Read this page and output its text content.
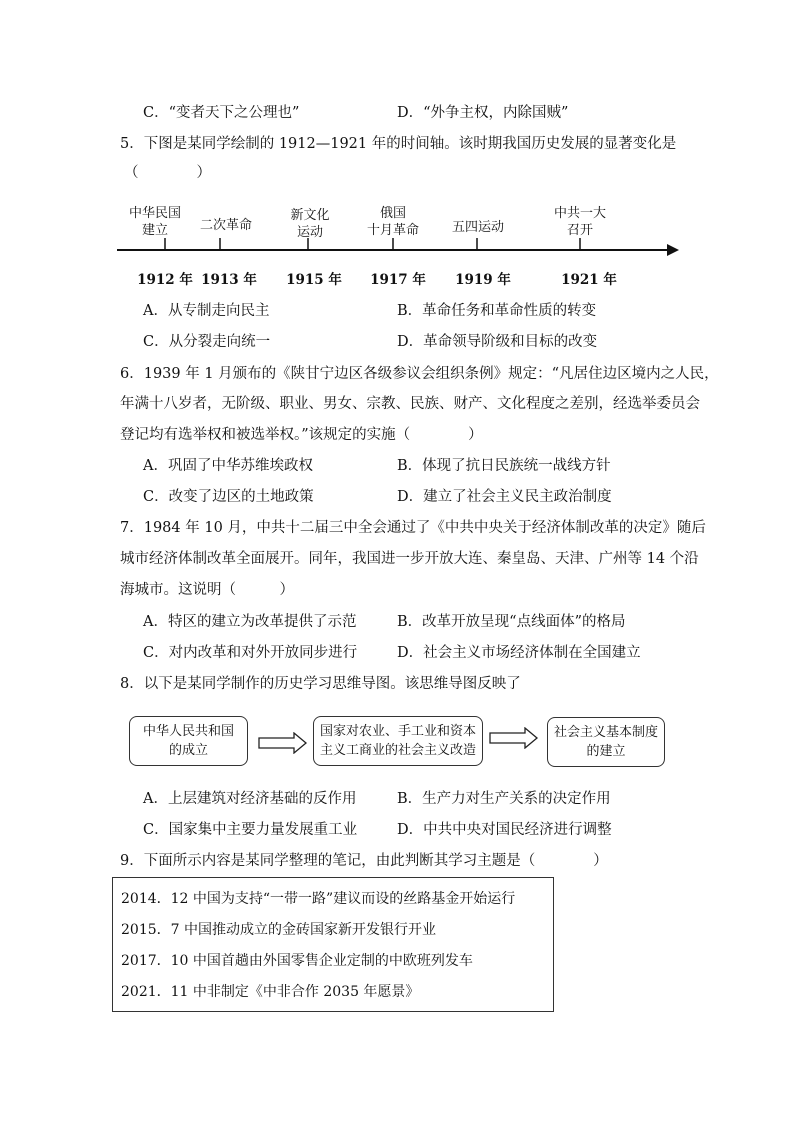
C．“变者天下之公理也”	D．“外争主权，内除国贼”
5．下图是某同学绘制的 1912—1921 年的时间轴。该时期我国历史发展的显著变化是
（　　　　）
中华民国
建立	二次革命
新文化
运动
俄国
十月革命	五四运动
中共一大
召开
1912 年 1913 年	1915 年	1917 年	1919 年	1921 年
A．从专制走向民主	B．革命任务和革命性质的转变
C．从分裂走向统一	D．革命领导阶级和目标的改变
6．1939 年 1 月颁布的《陕甘宁边区各级参议会组织条例》规定：“凡居住边区境内之人民，
年满十八岁者，无阶级、职业、男女、宗教、民族、财产、文化程度之差别，经选举委员会
登记均有选举权和被选举权。”该规定的实施（　　　　）
A．巩固了中华苏维埃政权	B．体现了抗日民族统一战线方针
C．改变了边区的土地政策	D．建立了社会主义民主政治制度
7．1984 年 10 月，中共十二届三中全会通过了《中共中央关于经济体制改革的决定》随后
城市经济体制改革全面展开。同年，我国进一步开放大连、秦皇岛、天津、广州等 14 个沿
海城市。这说明（　　　）
A．特区的建立为改革提供了示范	B．改革开放呈现“点线面体”的格局
C．对内改革和对外开放同步进行	D．社会主义市场经济体制在全国建立
8．以下是某同学制作的历史学习思维导图。该思维导图反映了
中华人民共和国
的成立
国家对农业、手工业和资本
主义工商业的社会主义改造
社会主义基本制度
的建立
A．上层建筑对经济基础的反作用	B．生产力对生产关系的决定作用
C．国家集中主要力量发展重工业	D．中共中央对国民经济进行调整
9．下面所示内容是某同学整理的笔记，由此判断其学习主题是（　　　　）
2014．12 中国为支持“一带一路”建议而设的丝路基金开始运行
2015．7 中国推动成立的金砖国家新开发银行开业
2017．10 中国首趟由外国零售企业定制的中欧班列发车
2021．11 中非制定《中非合作 2035 年愿景》
